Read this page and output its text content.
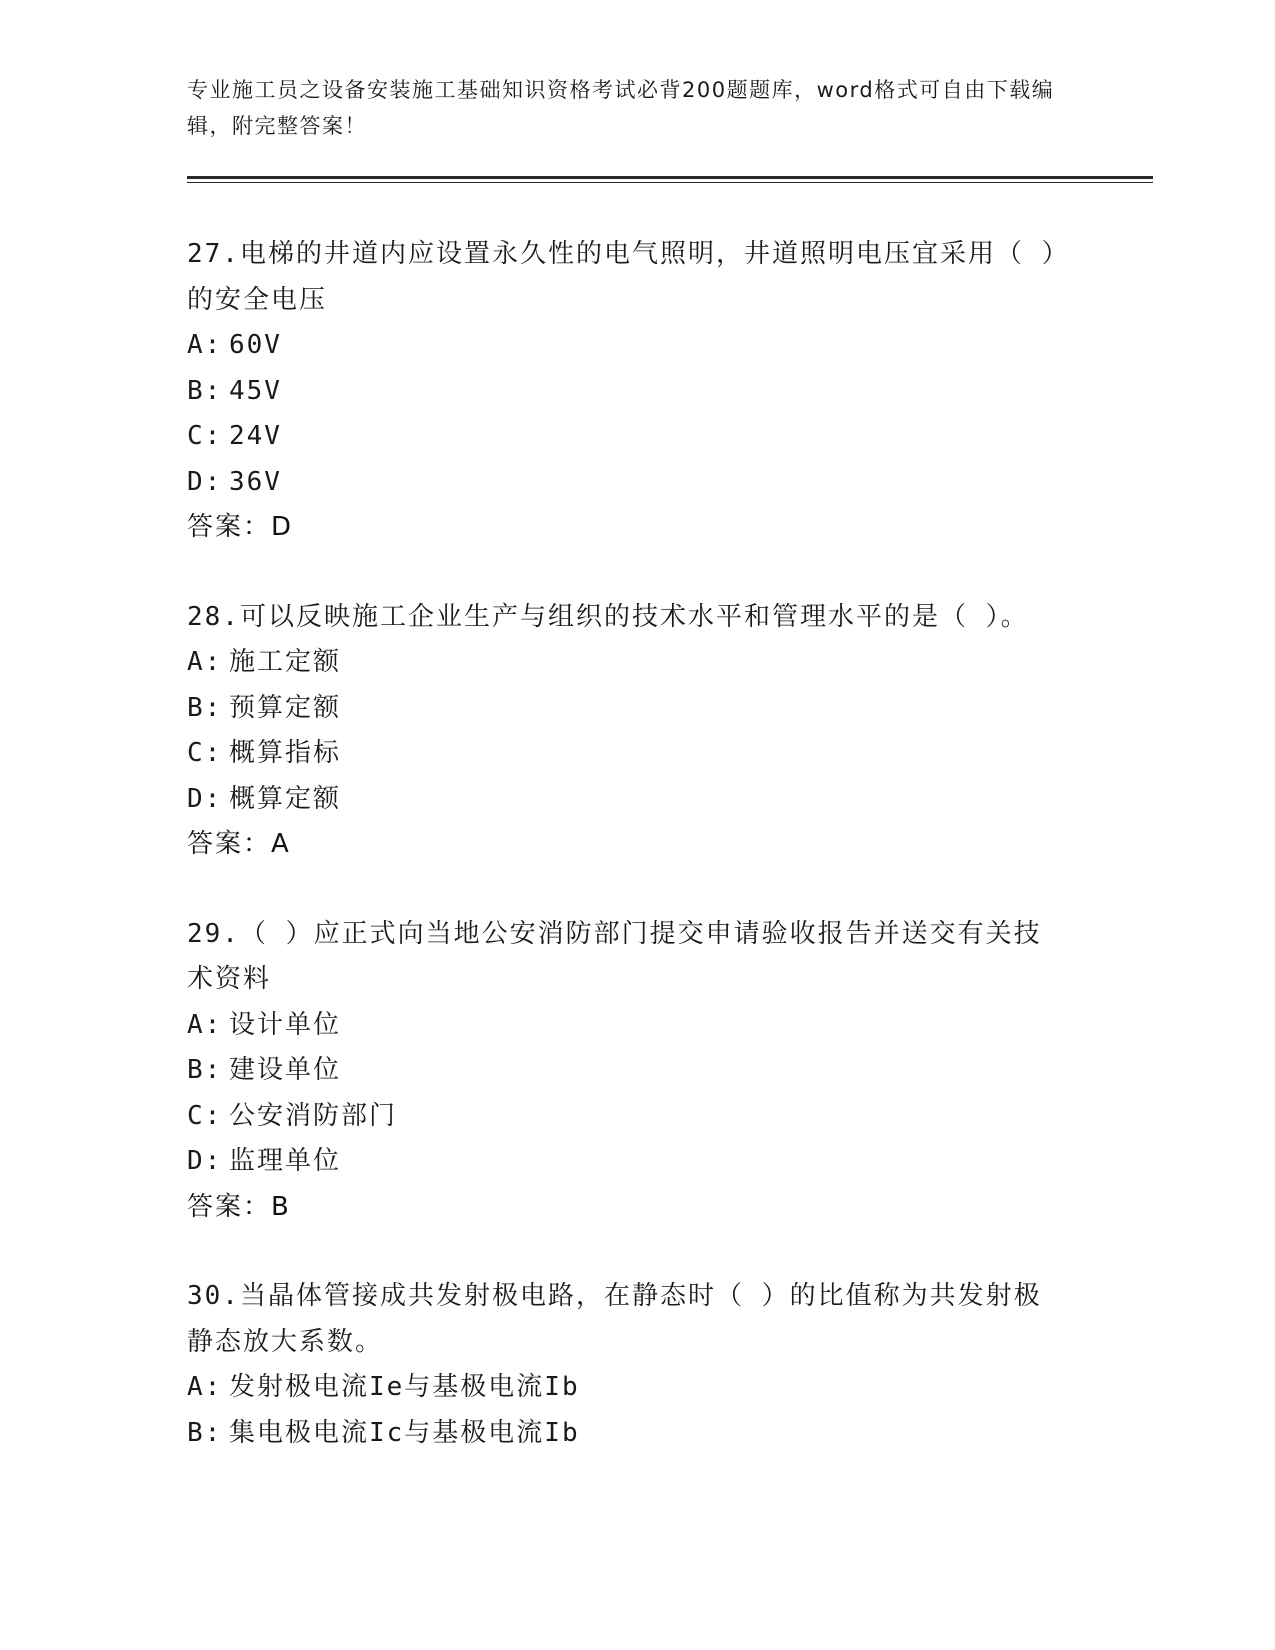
专业施工员之设备安装施工基础知识资格考试必背200题题库，word格式可自由下载编辑，附完整答案！
27.电梯的井道内应设置永久性的电气照明，井道照明电压宜采用（ ）的安全电压
A: 60V
B: 45V
C: 24V
D: 36V
答案：D
28.可以反映施工企业生产与组织的技术水平和管理水平的是（ ）。
A: 施工定额
B: 预算定额
C: 概算指标
D: 概算定额
答案：A
29.（ ）应正式向当地公安消防部门提交申请验收报告并送交有关技术资料
A: 设计单位
B: 建设单位
C: 公安消防部门
D: 监理单位
答案：B
30.当晶体管接成共发射极电路，在静态时（ ）的比值称为共发射极静态放大系数。
A: 发射极电流Ie与基极电流Ib
B: 集电极电流Ic与基极电流Ib
